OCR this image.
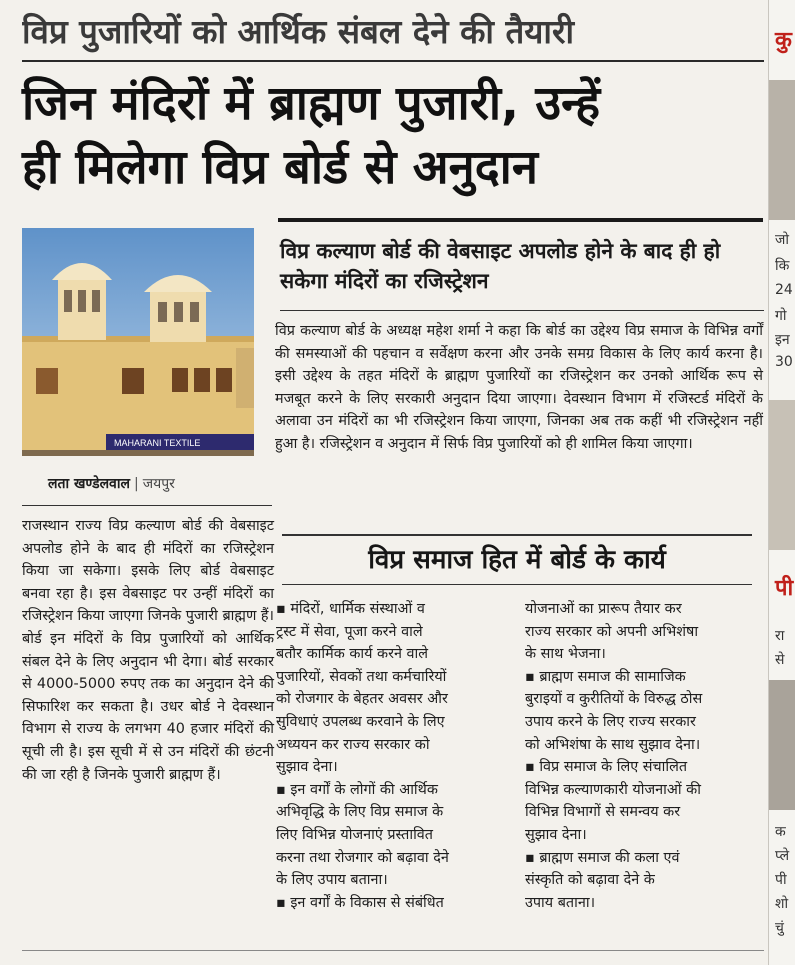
विप्र पुजारियों को आर्थिक संबल देने की तैयारी
जिन मंदिरों में ब्राह्मण पुजारी, उन्हें
ही मिलेगा विप्र बोर्ड से अनुदान
MAHARANI TEXTILE
लता खण्डेलवाल | जयपुर
विप्र कल्याण बोर्ड की वेबसाइट अपलोड होने के बाद ही हो सकेगा मंदिरों का रजिस्ट्रेशन
विप्र कल्याण बोर्ड के अध्यक्ष महेश शर्मा ने कहा कि बोर्ड का उद्देश्य विप्र समाज के विभिन्न वर्गों की समस्याओं की पहचान व सर्वेक्षण करना और उनके समग्र विकास के लिए कार्य करना है। इसी उद्देश्य के तहत मंदिरों के ब्राह्मण पुजारियों का रजिस्ट्रेशन कर उनको आर्थिक रूप से मजबूत करने के लिए सरकारी अनुदान दिया जाएगा। देवस्थान विभाग में रजिस्टर्ड मंदिरों के अलावा उन मंदिरों का भी रजिस्ट्रेशन किया जाएगा, जिनका अब तक कहीं भी रजिस्ट्रेशन नहीं हुआ है। रजिस्ट्रेशन व अनुदान में सिर्फ विप्र पुजारियों को ही शामिल किया जाएगा।
राजस्थान राज्य विप्र कल्याण बोर्ड की वेबसाइट अपलोड होने के बाद ही मंदिरों का रजिस्ट्रेशन किया जा सकेगा। इसके लिए बोर्ड वेबसाइट बनवा रहा है। इस वेबसाइट पर उन्हीं मंदिरों का रजिस्ट्रेशन किया जाएगा जिनके पुजारी ब्राह्मण हैं। बोर्ड इन मंदिरों के विप्र पुजारियों को आर्थिक संबल देने के लिए अनुदान भी देगा। बोर्ड सरकार से 4000-5000 रुपए तक का अनुदान देने की सिफारिश कर सकता है। उधर बोर्ड ने देवस्थान विभाग से राज्य के लगभग 40 हजार मंदिरों की सूची ली है। इस सूची में से उन मंदिरों की छंटनी की जा रही है जिनके पुजारी ब्राह्मण हैं।
विप्र समाज हित में बोर्ड के कार्य
▪ मंदिरों, धार्मिक संस्थाओं व
ट्रस्ट में सेवा, पूजा करने वाले
बतौर कार्मिक कार्य करने वाले
पुजारियों, सेवकों तथा कर्मचारियों
को रोजगार के बेहतर अवसर और
सुविधाएं उपलब्ध करवाने के लिए
अध्ययन कर राज्य सरकार को
सुझाव देना।
▪ इन वर्गों के लोगों की आर्थिक
अभिवृद्धि के लिए विप्र समाज के
लिए विभिन्न योजनाएं प्रस्तावित
करना तथा रोजगार को बढ़ावा देने
के लिए उपाय बताना।
▪ इन वर्गों के विकास से संबंधित
योजनाओं का प्रारूप तैयार कर
राज्य सरकार को अपनी अभिशंषा
के साथ भेजना।
▪ ब्राह्मण समाज की सामाजिक
बुराइयों व कुरीतियों के विरुद्ध ठोस
उपाय करने के लिए राज्य सरकार
को अभिशंषा के साथ सुझाव देना।
▪ विप्र समाज के लिए संचालित
विभिन्न कल्याणकारी योजनाओं की
विभिन्न विभागों से समन्वय कर
सुझाव देना।
▪ ब्राह्मण समाज की कला एवं
संस्कृति को बढ़ावा देने के
उपाय बताना।
कु
जो
कि
24
गो
इन
30
पी
रा
से
क
प्ले
पी
शो
चुं
